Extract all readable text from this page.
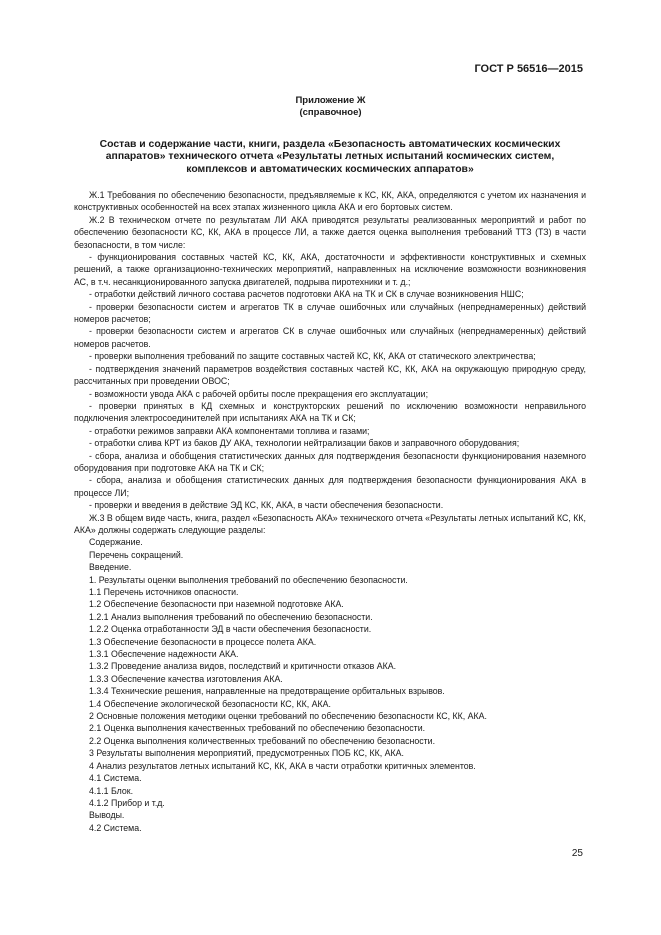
ГОСТ Р 56516—2015
Приложение Ж
(справочное)
Состав и содержание части, книги, раздела «Безопасность автоматических космических
аппаратов» технического отчета «Результаты летных испытаний космических систем,
комплексов и автоматических космических аппаратов»

Ж.1 Требования по обеспечению безопасности, предъявляемые к КС, КК, АКА, определяются с учетом их назначения и конструктивных особенностей на всех этапах жизненного цикла АКА и его бортовых систем.

Ж.2 В техническом отчете по результатам ЛИ АКА приводятся результаты реализованных мероприятий и работ по обеспечению безопасности КС, КК, АКА в процессе ЛИ, а также дается оценка выполнения требований ТТЗ (ТЗ) в части безопасности, в том числе:

- функционирования составных частей КС, КК, АКА, достаточности и эффективности конструктивных и схемных решений, а также организационно-технических мероприятий, направленных на исключение возможности возникновения АС, в т.ч. несанкционированного запуска двигателей, подрыва пиротехники и т. д.;

- отработки действий личного состава расчетов подготовки АКА на ТК и СК в случае возникновения НШС;

- проверки безопасности систем и агрегатов ТК в случае ошибочных или случайных (непреднамеренных) действий номеров расчетов;

- проверки безопасности систем и агрегатов СК в случае ошибочных или случайных (непреднамеренных) действий номеров расчетов.

- проверки выполнения требований по защите составных частей КС, КК, АКА от статического электричества;

- подтверждения значений параметров воздействия составных частей КС, КК, АКА на окружающую природную среду, рассчитанных при проведении ОВОС;

- возможности увода АКА с рабочей орбиты после прекращения его эксплуатации;

- проверки принятых в КД схемных и конструкторских решений по исключению возможности неправильного подключения электросоединителей при испытаниях АКА на ТК и СК;

- отработки режимов заправки АКА компонентами топлива и газами;

- отработки слива КРТ из баков ДУ АКА, технологии нейтрализации баков и заправочного оборудования;

- сбора, анализа и обобщения статистических данных для подтверждения безопасности функционирования наземного оборудования при подготовке АКА на ТК и СК;

- сбора, анализа и обобщения статистических данных для подтверждения безопасности функционирования АКА в процессе ЛИ;

- проверки и введения в действие ЭД КС, КК, АКА, в части обеспечения безопасности.

Ж.3 В общем виде часть, книга, раздел «Безопасность АКА» технического отчета «Результаты летных испытаний КС, КК, АКА» должны содержать следующие разделы:

Содержание.

Перечень сокращений.

Введение.

1. Результаты оценки выполнения требований по обеспечению безопасности.

1.1 Перечень источников опасности.

1.2 Обеспечение безопасности при наземной подготовке АКА.

1.2.1 Анализ выполнения требований по обеспечению безопасности.

1.2.2 Оценка отработанности ЭД в части обеспечения безопасности.

1.3 Обеспечение безопасности в процессе полета АКА.

1.3.1 Обеспечение надежности АКА.

1.3.2 Проведение анализа видов, последствий и критичности отказов АКА.

1.3.3 Обеспечение качества изготовления АКА.

1.3.4 Технические решения, направленные на предотвращение орбитальных взрывов.

1.4 Обеспечение экологической безопасности КС, КК, АКА.

2 Основные положения методики оценки требований по обеспечению безопасности КС, КК, АКА.

2.1 Оценка выполнения качественных требований по обеспечению безопасности.

2.2 Оценка выполнения количественных требований по обеспечению безопасности.

3 Результаты выполнения мероприятий, предусмотренных ПОБ КС, КК, АКА.

4 Анализ результатов летных испытаний КС, КК, АКА в части отработки критичных элементов.

4.1 Система.

4.1.1 Блок.

4.1.2 Прибор и т.д.

Выводы.

4.2 Система.

25
